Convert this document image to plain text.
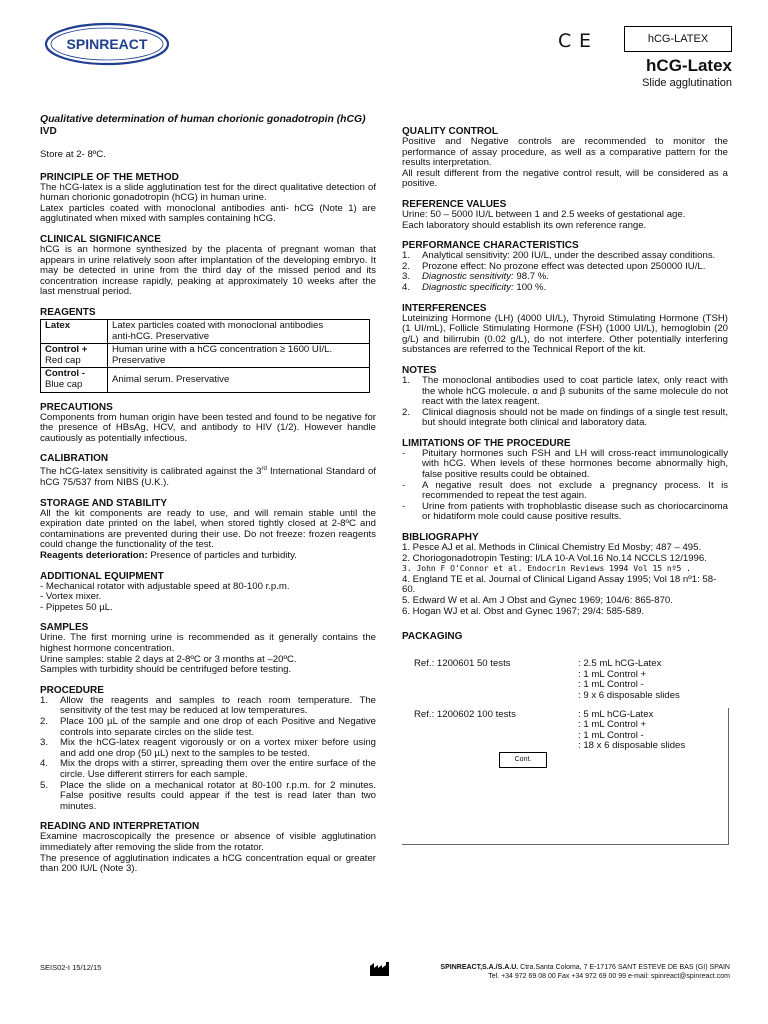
SPINREACT	C E	hCG-LATEX
hCG-Latex
Slide agglutination

Qualitative determination of human chorionic gonadotropin (hCG)

IVD

Store at 2- 8ºC.

PRINCIPLE OF THE METHOD

The hCG-latex is a slide agglutination test for the direct qualitative detection of human chorionic gonadotropin (hCG) in human urine.

Latex particles coated with monoclonal antibodies anti- hCG (Note 1) are agglutinated when mixed with samples containing hCG.

CLINICAL SIGNIFICANCE

hCG is an hormone synthesized by the placenta of pregnant woman that appears in urine relatively soon after implantation of the developing embryo. It may be detected in urine from the third day of the missed period and its concentration increase rapidly, peaking at approximately 10 weeks after the last menstrual period.

REAGENTS

Latex	Latex particles coated with monoclonal antibodies
anti-hCG. Preservative
Control +
Red cap	Human urine with a hCG concentration ≥ 1600 UI/L.
Preservative
Control -
Blue cap	Animal serum. Preservative

PRECAUTIONS

Components from human origin have been tested and found to be negative for the presence of HBsAg, HCV, and antibody to HIV (1/2). However handle cautiously as potentially infectious.

CALIBRATION

The hCG-latex sensitivity is calibrated against the 3rd International Standard of hCG 75/537 from NIBS (U.K.).

STORAGE AND STABILITY

All the kit components are ready to use, and will remain stable until the expiration date printed on the label, when stored tightly closed at 2-8ºC and contaminations are prevented during their use. Do not freeze: frozen reagents could change the functionality of the test.

Reagents deterioration: Presence of particles and turbidity.

ADDITIONAL EQUIPMENT

- Mechanical rotator with adjustable speed at 80-100 r.p.m.

- Vortex mixer.

- Pippetes 50 µL.

SAMPLES

Urine. The first morning urine is recommended as it generally contains the highest hormone concentration.

Urine samples: stable 2 days at 2-8ºC or 3 months at –20ºC.

Samples with turbidity should be centrifuged before testing.

PROCEDURE

1.	Allow the reagents and samples to reach room temperature. The sensitivity of the test may be reduced at low temperatures.
2.	Place 100 µL of the sample and one drop of each Positive and Negative controls into separate circles on the slide test.
3.	Mix the hCG-latex reagent vigorously or on a vortex mixer before using and add one drop (50 µL) next to the samples to be tested.
4.	Mix the drops with a stirrer, spreading them over the entire surface of the circle. Use different stirrers for each sample.
5.	Place the slide on a mechanical rotator at 80-100 r.p.m. for 2 minutes. False positive results could appear if the test is read later than two minutes.

READING AND INTERPRETATION

Examine macroscopically the presence or absence of visible agglutination immediately after removing the slide from the rotator.

The presence of agglutination indicates a hCG concentration equal or greater than 200 IU/L (Note 3).

QUALITY CONTROL

Positive and Negative controls are recommended to monitor the performance of assay procedure, as well as a comparative pattern for the results interpretation.

All result different from the negative control result, will be considered as a positive.

REFERENCE VALUES

Urine: 50 – 5000 IU/L between 1 and 2.5 weeks of gestational age.

Each laboratory should establish its own reference range.

PERFORMANCE CHARACTERISTICS

1.	Analytical sensitivity: 200 IU/L, under the described assay conditions.
2.	Prozone effect: No prozone effect was detected upon 250000 IU/L.
3.	Diagnostic sensitivity: 98.7 %.
4.	Diagnostic specificity: 100 %.

INTERFERENCES

Luteinizing Hormone (LH) (4000 UI/L), Thyroid Stimulating Hormone (TSH) (1 UI/mL), Follicle Stimulating Hormone (FSH) (1000 UI/L), hemoglobin (20 g/L) and bilirrubin (0.02 g/L), do not interfere. Other potentially interfering substances are referred to the Technical Report of the kit.

NOTES

1.	The monoclonal antibodies used to coat particle latex, only react with the whole hCG molecule. α and β subunits of the same molecule do not react with the latex reagent.
2.	Clinical diagnosis should not be made on findings of a single test result, but should integrate both clinical and laboratory data.

LIMITATIONS OF THE PROCEDURE

-	Pituitary hormones such FSH and LH will cross-react immunologically with hCG. When levels of these hormones become abnormally high, false positive results could be obtained.
-	A negative result does not exclude a pregnancy process. It is recommended to repeat the test again.
-	Urine from patients with trophoblastic disease such as choriocarcinoma or hidatiform mole could cause positive results.

BIBLIOGRAPHY

1. Pesce AJ et al. Methods in Clinical Chemistry Ed Mosby; 487 – 495.

2. Choriogonadotropin Testing: I/LA 10-A Vol.16 No.14 NCCLS 12/1996.

3. John F O'Connor et al. Endocrin Reviews 1994 Vol 15 nº5 .

4. England TE et al. Journal of Clinical Ligand Assay 1995; Vol 18 nº1: 58-60.

5. Edward W et al. Am J Obst and Gynec 1969; 104/6: 865-870.

6. Hogan WJ et al. Obst and Gynec 1967; 29/4: 585-589.

PACKAGING

Ref.: 1200601 50 tests	: 2.5 mL hCG-Latex
: 1 mL Control +
: 1 mL Control -
: 9 x 6 disposable slides
Ref.: 1200602 100 tests	: 5 mL hCG-Latex
: 1 mL Control +
: 1 mL Control -
: 18 x 6 disposable slides
Cont.
SEIS02-I 15/12/15	SPINREACT,S.A./S.A.U. Ctra.Santa Coloma, 7 E-17176 SANT ESTEVE DE BAS (GI) SPAIN
Tel. +34 972 69 08 00 Fax +34 972 69 00 99 e-mail: spinreact@spinreact.com
